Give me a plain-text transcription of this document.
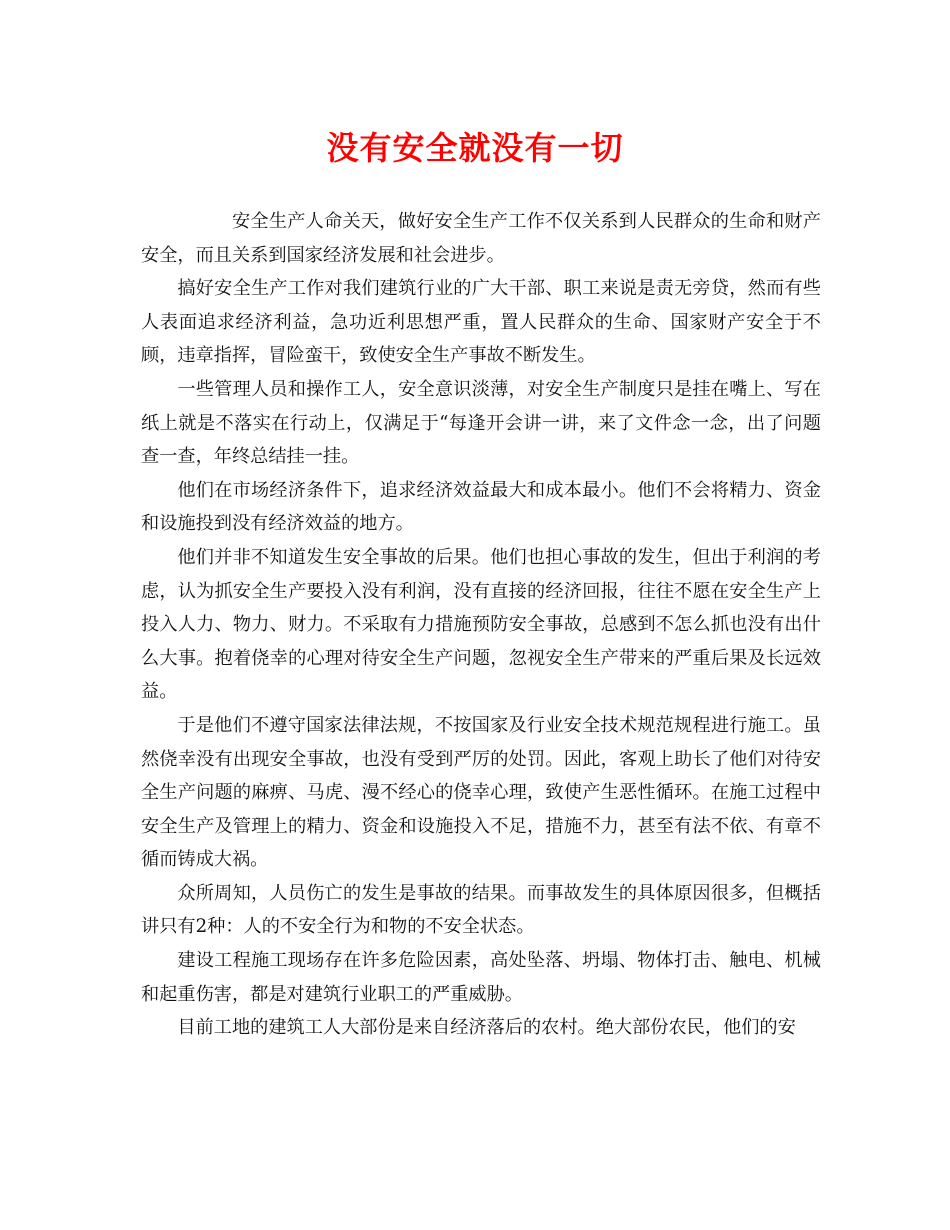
没有安全就没有一切

安全生产人命关天，做好安全生产工作不仅关系到人民群众的生命和财产安全，而且关系到国家经济发展和社会进步。

搞好安全生产工作对我们建筑行业的广大干部、职工来说是责无旁贷，然而有些人表面追求经济利益，急功近利思想严重，置人民群众的生命、国家财产安全于不顾，违章指挥，冒险蛮干，致使安全生产事故不断发生。

一些管理人员和操作工人，安全意识淡薄，对安全生产制度只是挂在嘴上、写在纸上就是不落实在行动上，仅满足于“每逢开会讲一讲，来了文件念一念，出了问题查一查，年终总结挂一挂。

他们在市场经济条件下，追求经济效益最大和成本最小。他们不会将精力、资金和设施投到没有经济效益的地方。

他们并非不知道发生安全事故的后果。他们也担心事故的发生，但出于利润的考虑，认为抓安全生产要投入没有利润，没有直接的经济回报，往往不愿在安全生产上投入人力、物力、财力。不采取有力措施预防安全事故，总感到不怎么抓也没有出什么大事。抱着侥幸的心理对待安全生产问题，忽视安全生产带来的严重后果及长远效益。

于是他们不遵守国家法律法规，不按国家及行业安全技术规范规程进行施工。虽然侥幸没有出现安全事故，也没有受到严厉的处罚。因此，客观上助长了他们对待安全生产问题的麻痹、马虎、漫不经心的侥幸心理，致使产生恶性循环。在施工过程中安全生产及管理上的精力、资金和设施投入不足，措施不力，甚至有法不依、有章不循而铸成大祸。

众所周知，人员伤亡的发生是事故的结果。而事故发生的具体原因很多，但概括讲只有2种：人的不安全行为和物的不安全状态。

建设工程施工现场存在许多危险因素，高处坠落、坍塌、物体打击、触电、机械和起重伤害，都是对建筑行业职工的严重威胁。

目前工地的建筑工人大部份是来自经济落后的农村。绝大部份农民，他们的安
